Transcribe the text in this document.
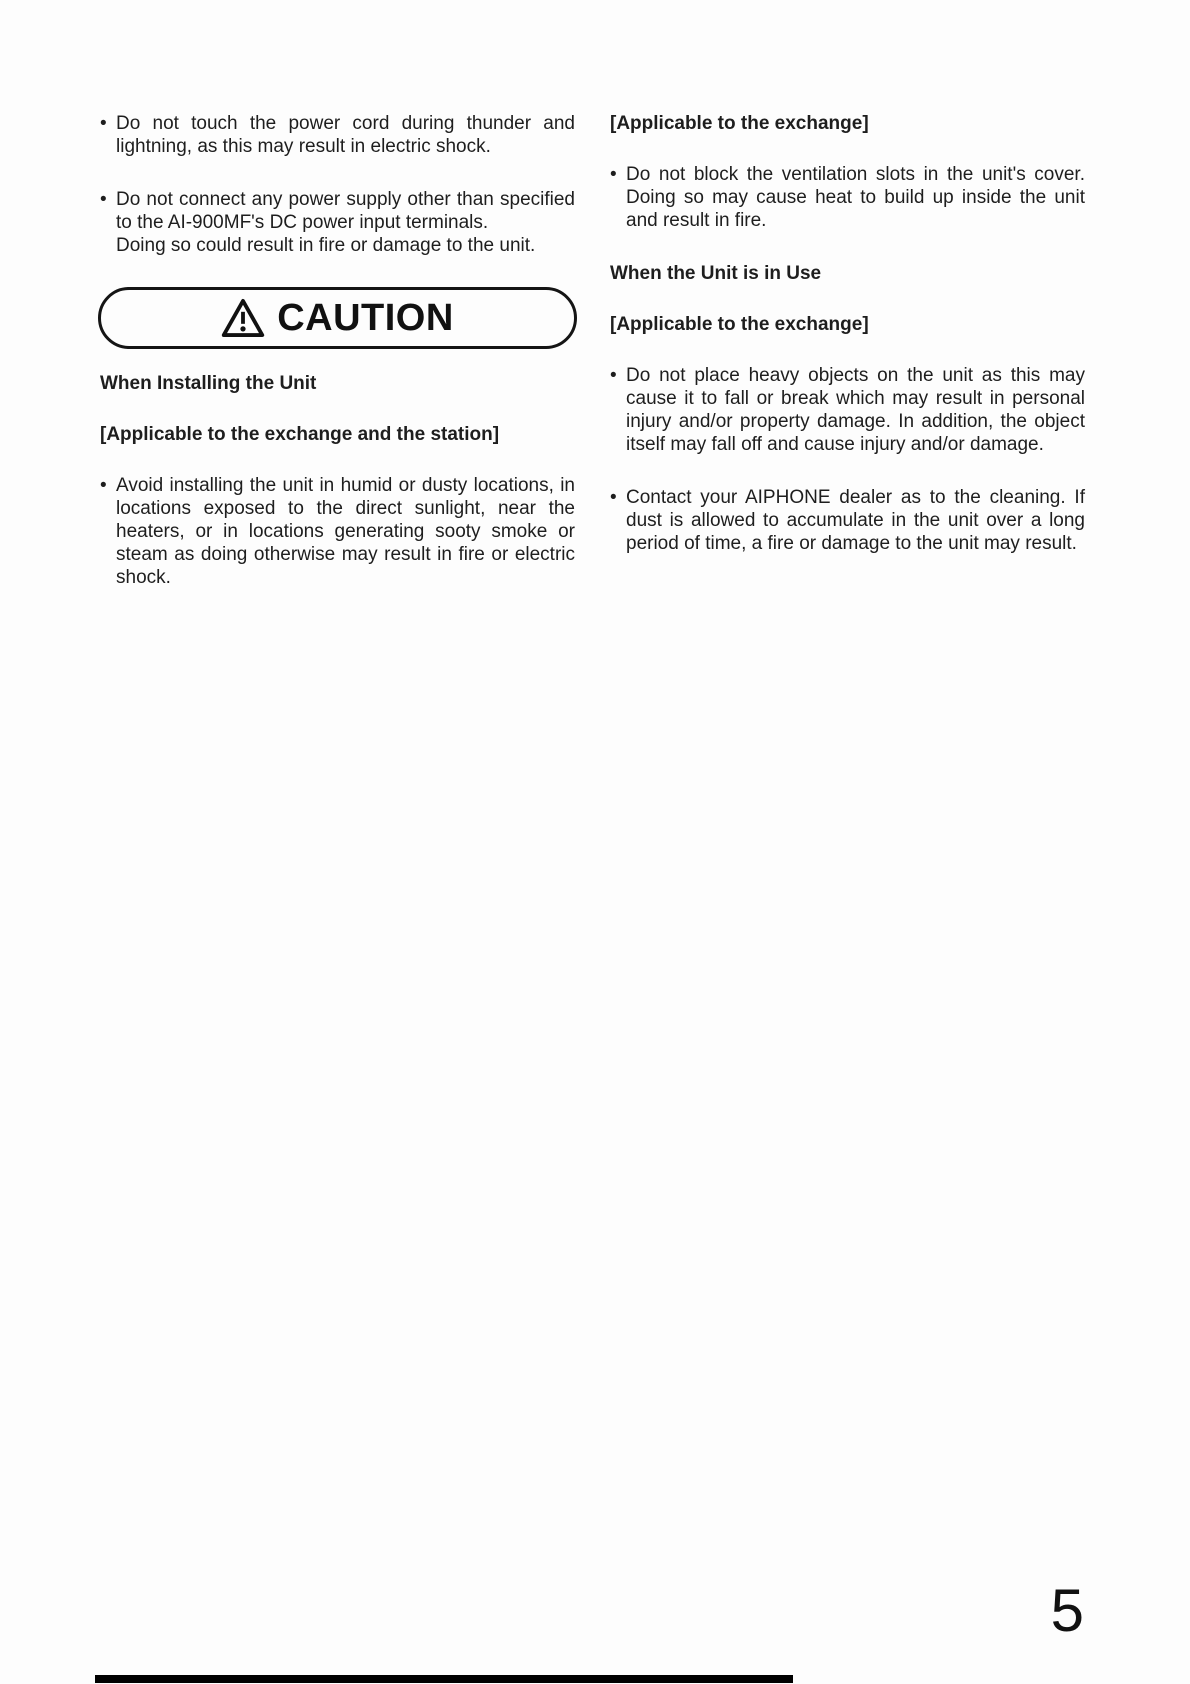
•
Do not touch the power cord during thunder and lightning, as this may result in electric shock.
•
Do not connect any power supply other than specified to the AI-900MF's DC power input terminals.
Doing so could result in fire or damage to the unit.
CAUTION
When Installing the Unit
[Applicable to the exchange and the station]
•
Avoid installing the unit in humid or dusty locations, in locations exposed to the direct sunlight, near the heaters, or in locations generating sooty smoke or steam as doing otherwise may result in fire or electric shock.
[Applicable to the exchange]
•
Do not block the ventilation slots in the unit's cover. Doing so may cause heat to build up inside the unit and result in fire.
When the Unit is in Use
[Applicable to the exchange]
•
Do not place heavy objects on the unit as this may cause it to fall or break which may result in personal injury and/or property damage. In addition, the object itself may fall off and cause injury and/or damage.
•
Contact your AIPHONE dealer as to the cleaning. If dust is allowed to accumulate in the unit over a long period of time, a fire or damage to the unit may result.
5
